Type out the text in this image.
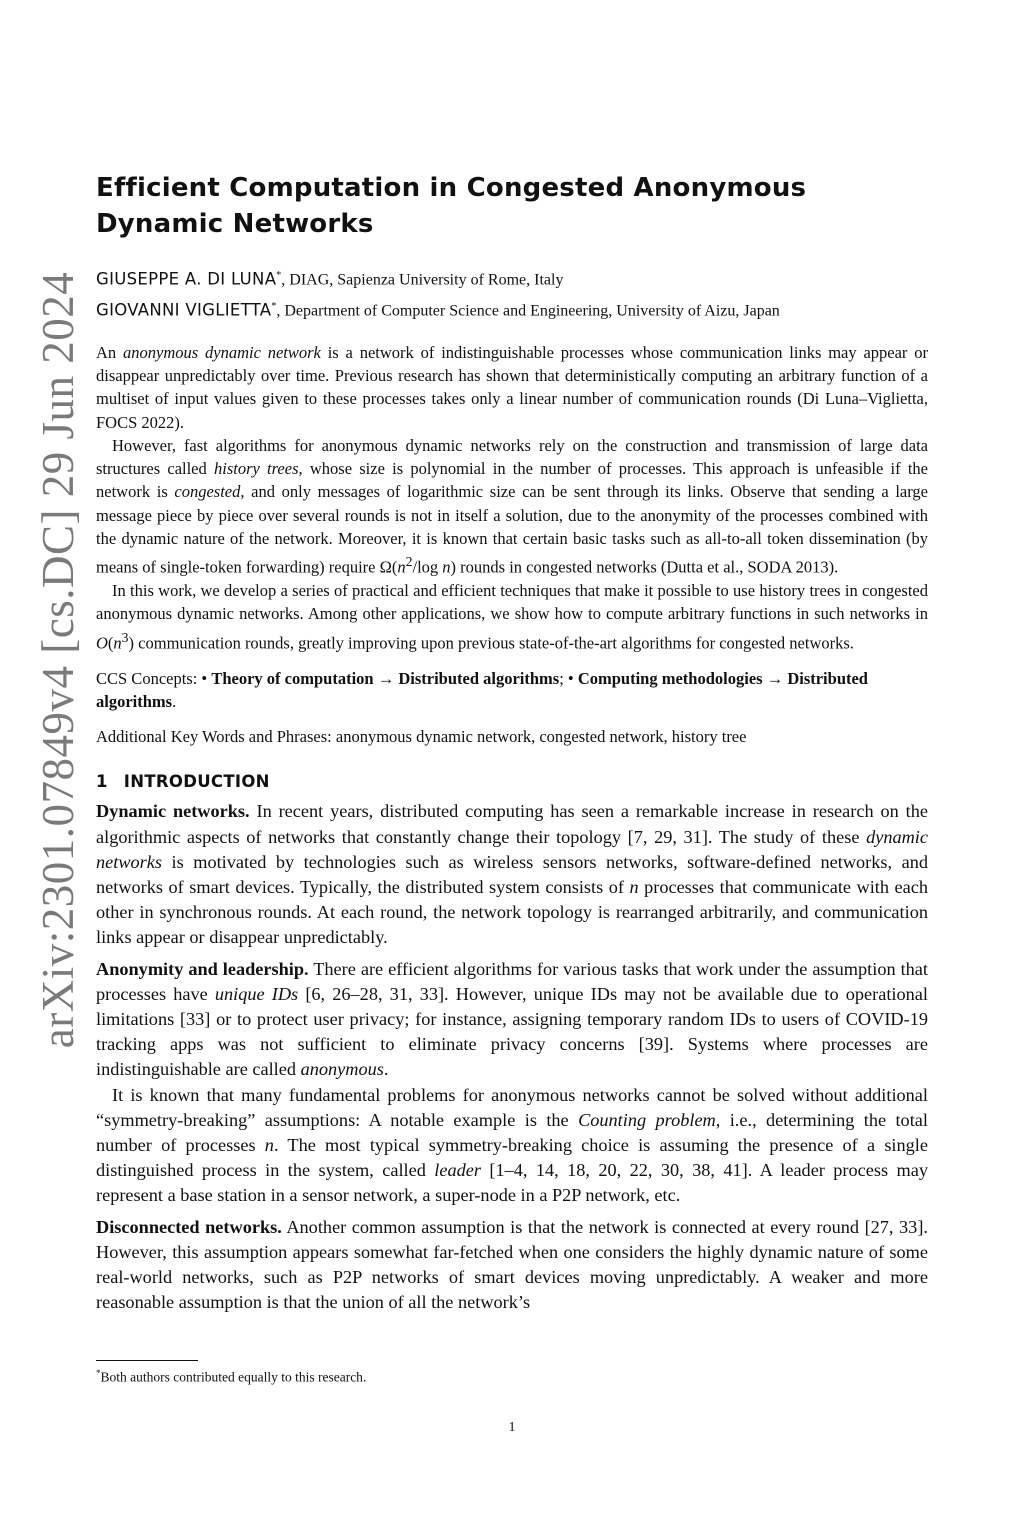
arXiv:2301.07849v4 [cs.DC] 29 Jun 2024
Efficient Computation in Congested Anonymous Dynamic Networks
GIUSEPPE A. DI LUNA*, DIAG, Sapienza University of Rome, Italy
GIOVANNI VIGLIETTA*, Department of Computer Science and Engineering, University of Aizu, Japan

An anonymous dynamic network is a network of indistinguishable processes whose communication links may appear or disappear unpredictably over time. Previous research has shown that deterministically computing an arbitrary function of a multiset of input values given to these processes takes only a linear number of communication rounds (Di Luna–Viglietta, FOCS 2022).

However, fast algorithms for anonymous dynamic networks rely on the construction and transmission of large data structures called history trees, whose size is polynomial in the number of processes. This approach is unfeasible if the network is congested, and only messages of logarithmic size can be sent through its links. Observe that sending a large message piece by piece over several rounds is not in itself a solution, due to the anonymity of the processes combined with the dynamic nature of the network. Moreover, it is known that certain basic tasks such as all-to-all token dissemination (by means of single-token forwarding) require $\Omega(n^2/\log$ n) rounds in congested networks (Dutta et al., SODA 2013).

In this work, we develop a series of practical and efficient techniques that make it possible to use history trees in congested anonymous dynamic networks. Among other applications, we show how to compute arbitrary functions in such networks in $O(n^3)$ communication rounds, greatly improving upon previous state-of-the-art algorithms for congested networks.

CCS Concepts: • Theory of computation → Distributed algorithms; • Computing methodologies → Distributed algorithms.
Additional Key Words and Phrases: anonymous dynamic network, congested network, history tree
1 INTRODUCTION

Dynamic networks. In recent years, distributed computing has seen a remarkable increase in research on the algorithmic aspects of networks that constantly change their topology [7, 29, 31]. The study of these dynamic networks is motivated by technologies such as wireless sensors networks, software-defined networks, and networks of smart devices. Typically, the distributed system consists of n processes that communicate with each other in synchronous rounds. At each round, the network topology is rearranged arbitrarily, and communication links appear or disappear unpredictably.

Anonymity and leadership. There are efficient algorithms for various tasks that work under the assumption that processes have unique IDs [6, 26–28, 31, 33]. However, unique IDs may not be available due to operational limitations [33] or to protect user privacy; for instance, assigning temporary random IDs to users of COVID-19 tracking apps was not sufficient to eliminate privacy concerns [39]. Systems where processes are indistinguishable are called anonymous.

It is known that many fundamental problems for anonymous networks cannot be solved without additional “symmetry-breaking” assumptions: A notable example is the Counting problem, i.e., determining the total number of processes n. The most typical symmetry-breaking choice is assuming the presence of a single distinguished process in the system, called leader [1–4, 14, 18, 20, 22, 30, 38, 41]. A leader process may represent a base station in a sensor network, a super-node in a P2P network, etc.

Disconnected networks. Another common assumption is that the network is connected at every round [27, 33]. However, this assumption appears somewhat far-fetched when one considers the highly dynamic nature of some real-world networks, such as P2P networks of smart devices moving unpredictably. A weaker and more reasonable assumption is that the union of all the network’s

*Both authors contributed equally to this research.
1
